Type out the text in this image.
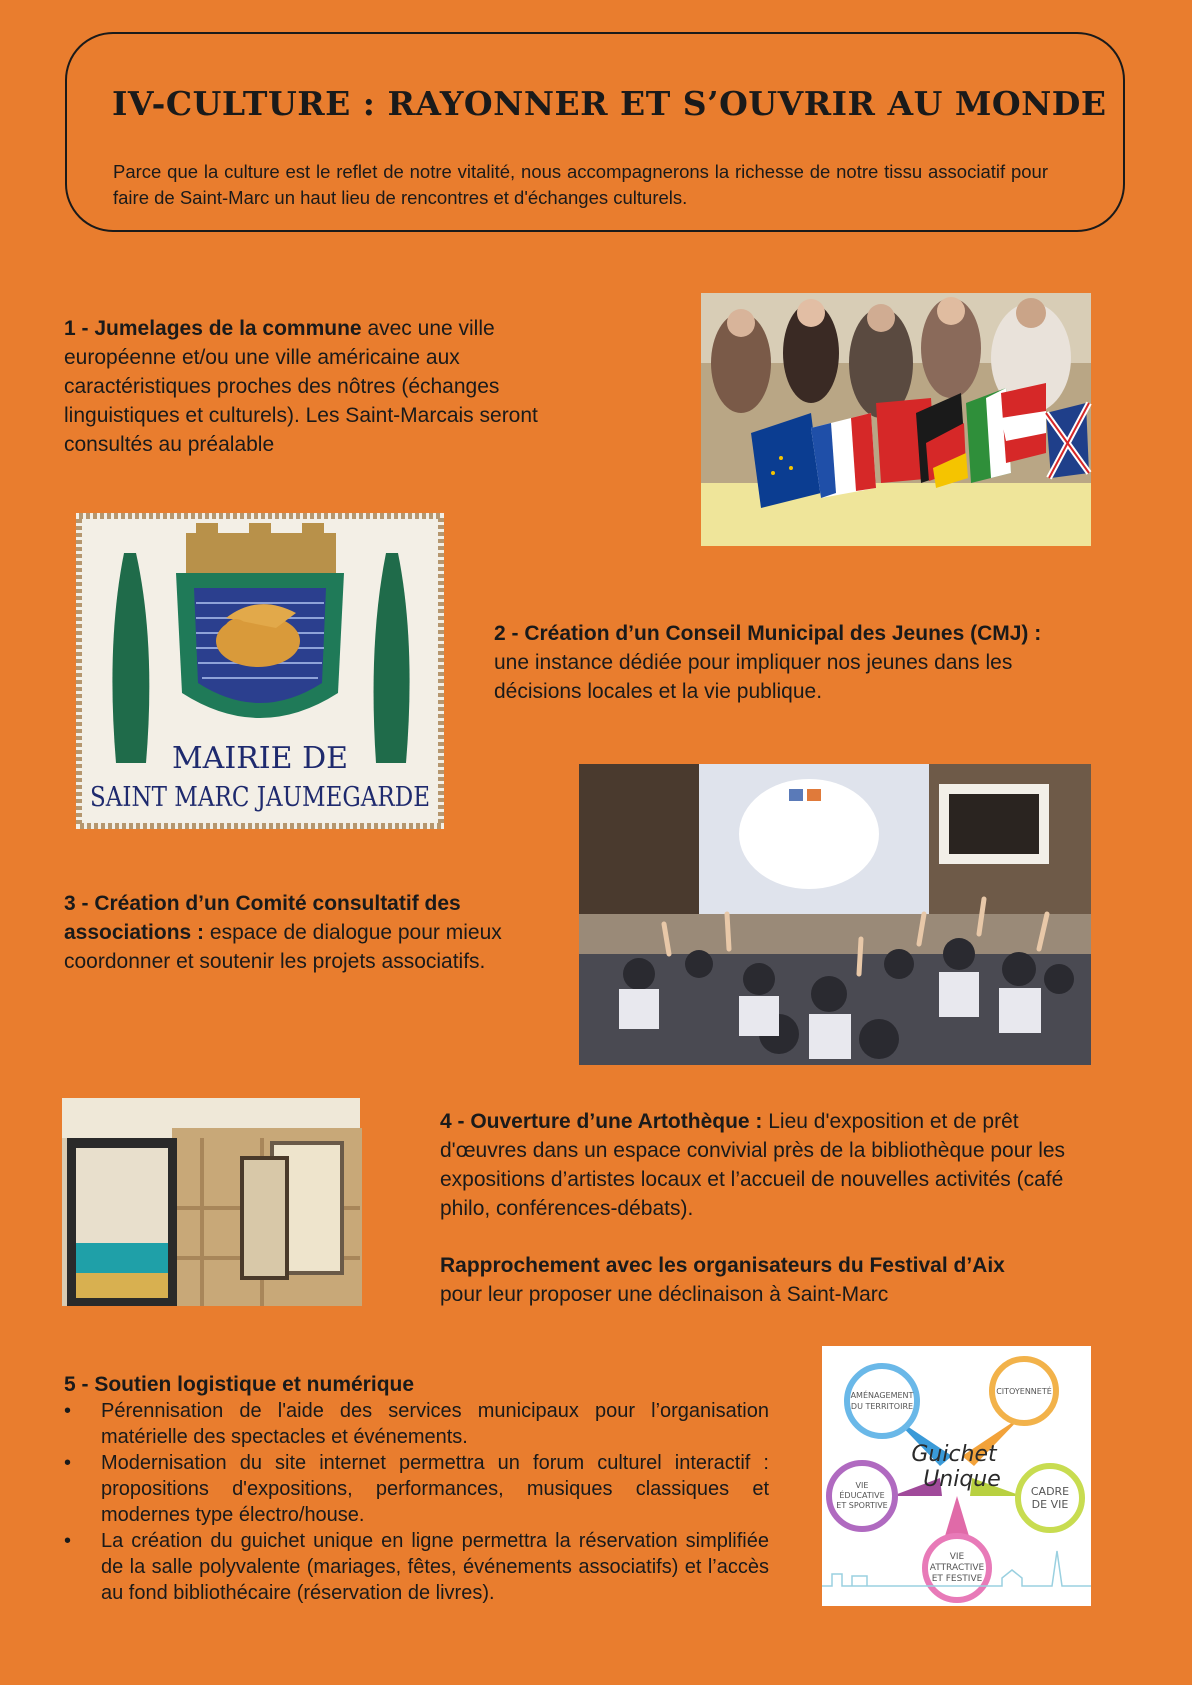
IV-CULTURE : RAYONNER ET S’OUVRIR AU MONDE

Parce que la culture est le reflet de notre vitalité, nous accompagnerons la richesse de notre tissu associatif pour faire de Saint-Marc un haut lieu de rencontres et d'échanges culturels.

1 - Jumelages de la commune avec une ville européenne et/ou une ville américaine aux caractéristiques proches des nôtres (échanges linguistiques et culturels). Les Saint-Marcais seront consultés au préalable

MAIRIE DE
SAINT MARC JAUMEGARDE

2 - Création d’un Conseil Municipal des Jeunes (CMJ) :
une instance dédiée pour impliquer nos jeunes dans les décisions locales et la vie publique.

3 - Création d’un Comité consultatif des associations : espace de dialogue pour mieux coordonner et soutenir les projets associatifs.

4 - Ouverture d’une Artothèque : Lieu d'exposition et de prêt d'œuvres dans un espace convivial près de la bibliothèque pour les expositions d’artistes locaux et l’accueil de nouvelles activités (café philo, conférences-débats).

Rapprochement avec les organisateurs du Festival d’Aix
pour leur proposer une déclinaison à Saint-Marc

5 - Soutien logistique et numérique
• Pérennisation de l'aide des services municipaux pour l’organisation matérielle des spectacles et événements.
• Modernisation du site internet permettra un forum culturel interactif : propositions d'expositions, performances, musiques classiques et modernes type électro/house.
• La création du guichet unique en ligne permettra la réservation simplifiée de la salle polyvalente (mariages, fêtes, événements associatifs) et l’accès au fond bibliothécaire (réservation de livres).
AMÉNAGEMENT
DU TERRITOIRE
CITOYENNETÉ
VIE
ÉDUCATIVE
ET SPORTIVE
CADRE
DE VIE
VIE
ATTRACTIVE
ET FESTIVE
Guichet
Unique
